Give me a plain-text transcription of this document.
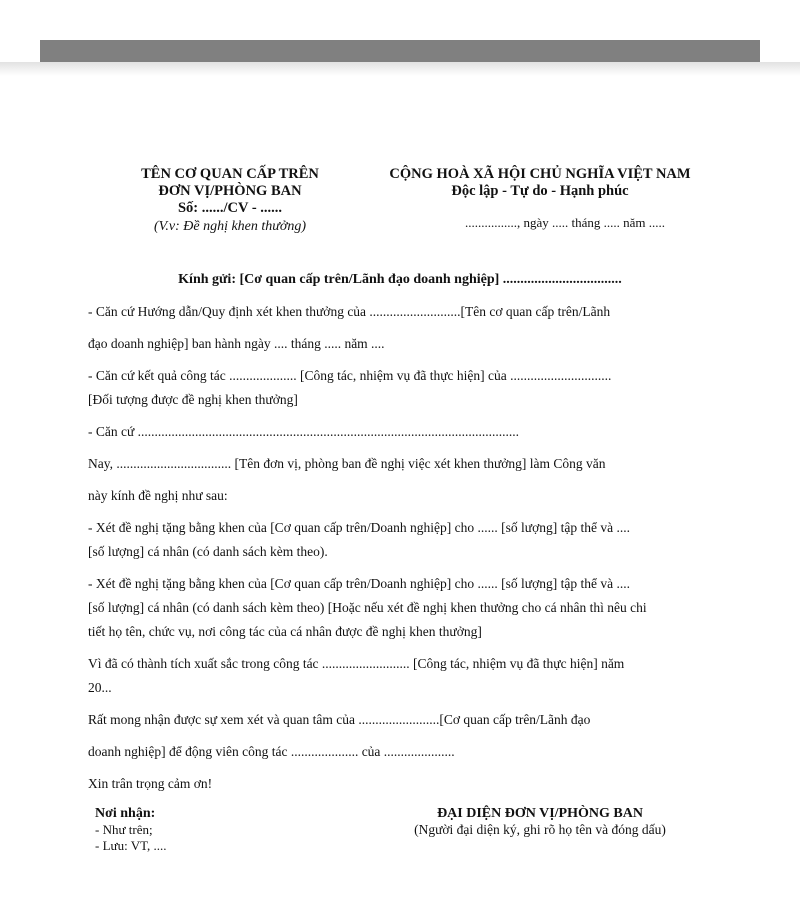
TÊN CƠ QUAN CẤP TRÊN
ĐƠN VỊ/PHÒNG BAN
Số: ....../CV - ......
(V.v: Đề nghị khen thưởng)
CỘNG HOÀ XÃ HỘI CHỦ NGHĨA VIỆT NAM
Độc lập - Tự do - Hạnh phúc
................, ngày ..... tháng ..... năm .....
Kính gửi: [Cơ quan cấp trên/Lãnh đạo doanh nghiệp] ..................................
- Căn cứ Hướng dẫn/Quy định xét khen thưởng của ...........................[Tên cơ quan cấp trên/Lãnh
đạo doanh nghiệp] ban hành ngày .... tháng ..... năm ....
- Căn cứ kết quả công tác .................... [Công tác, nhiệm vụ đã thực hiện] của ..............................
[Đối tượng được đề nghị khen thưởng]
- Căn cứ .................................................................................................................
Nay, .................................. [Tên đơn vị, phòng ban đề nghị việc xét khen thưởng] làm Công văn
này kính đề nghị như sau:
- Xét đề nghị tặng bằng khen của [Cơ quan cấp trên/Doanh nghiệp] cho ...... [số lượng] tập thể và ....
[số lượng] cá nhân (có danh sách kèm theo).
- Xét đề nghị tặng bằng khen của [Cơ quan cấp trên/Doanh nghiệp] cho ...... [số lượng] tập thể và ....
[số lượng] cá nhân (có danh sách kèm theo) [Hoặc nếu xét đề nghị khen thưởng cho cá nhân thì nêu chi
tiết họ tên, chức vụ, nơi công tác của cá nhân được đề nghị khen thưởng]
Vì đã có thành tích xuất sắc trong công tác .......................... [Công tác, nhiệm vụ đã thực hiện] năm
20...
Rất mong nhận được sự xem xét và quan tâm của ........................[Cơ quan cấp trên/Lãnh đạo
doanh nghiệp] để động viên công tác .................... của .....................
Xin trân trọng cảm ơn!
Nơi nhận:
- Như trên;
- Lưu: VT, ....
ĐẠI DIỆN ĐƠN VỊ/PHÒNG BAN
(Người đại diện ký, ghi rõ họ tên và đóng dấu)
